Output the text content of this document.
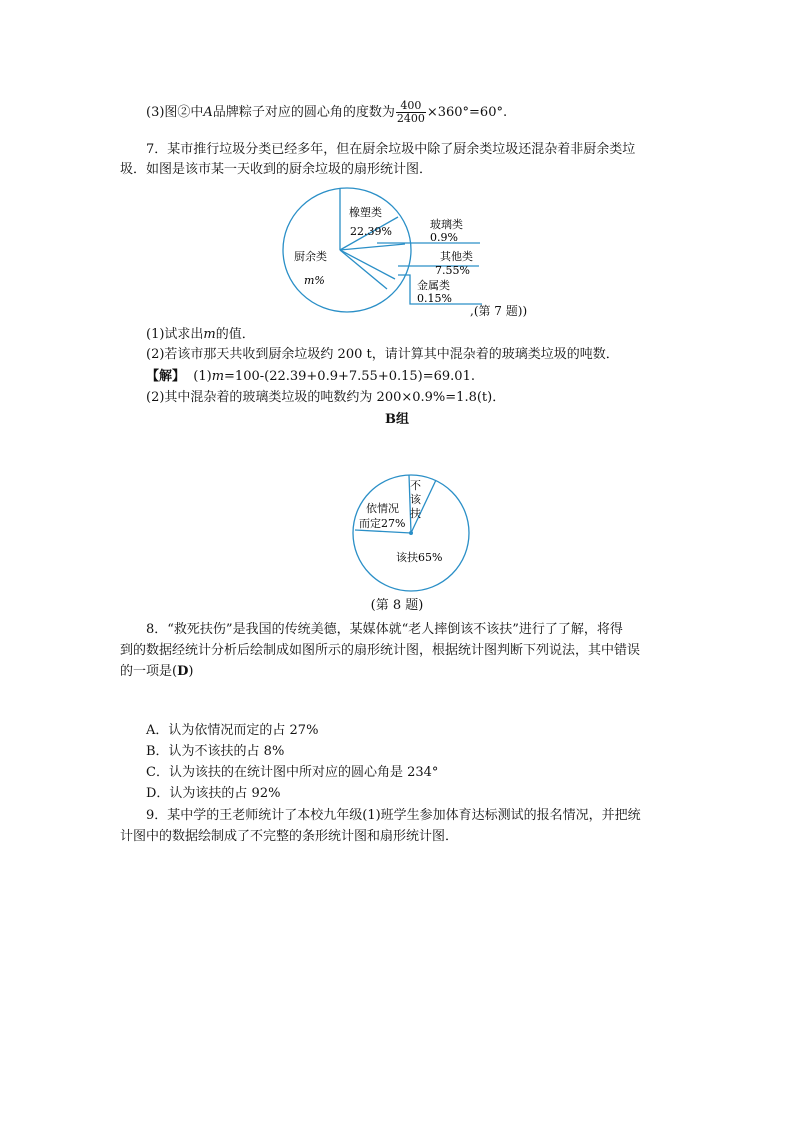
(3)图②中A品牌粽子对应的圆心角的度数为 $\frac{400}{2400} \times 360^\circ=60^\circ$.
7．某市推行垃圾分类已经多年，但在厨余垃圾中除了厨余类垃圾还混杂着非厨余类垃
圾．如图是该市某一天收到的厨余垃圾的扇形统计图．
橡塑类
22.39%
厨余类
m%
玻璃类
0.9%
其他类
7.55%
金属类
0.15%
,(第 7 题))
(1)试求出m的值．
(2)若该市那天共收到厨余垃圾约 200 t，请计算其中混杂着的玻璃类垃圾的吨数．
【解】 (1)m=100-(22.39+0.9+7.55+0.15)=69.01.
(2)其中混杂着的玻璃类垃圾的吨数约为 200×0.9%=1.8(t)．
B组
不
该
扶
依情况
而定27%
该扶65%
(第 8 题)
8．“救死扶伤”是我国的传统美德，某媒体就“老人摔倒该不该扶”进行了了解，将得
到的数据经统计分析后绘制成如图所示的扇形统计图，根据统计图判断下列说法，其中错误
的一项是(D)
A．认为依情况而定的占 27%
B．认为不该扶的占 8%
C．认为该扶的在统计图中所对应的圆心角是 234°
D．认为该扶的占 92%
9．某中学的王老师统计了本校九年级(1)班学生参加体育达标测试的报名情况，并把统
计图中的数据绘制成了不完整的条形统计图和扇形统计图．
